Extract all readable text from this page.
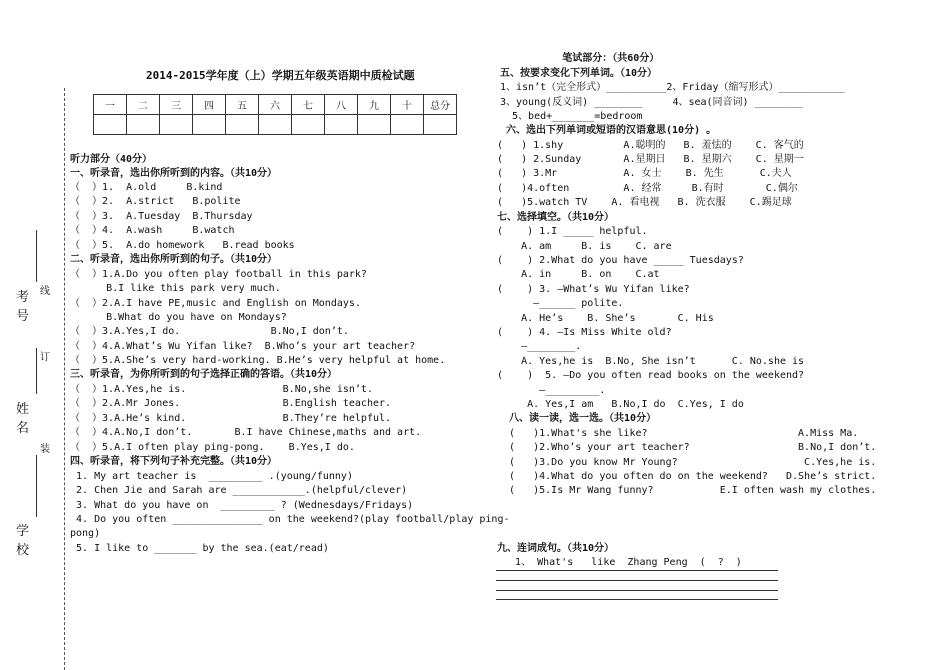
2014-2015学年度（上）学期五年级英语期中质检试题
一	二	三	四	五	六	七	八	九	十	总分

学校
姓名
考号
线
订
装
听力部分（40分）
一、听录音，选出你所听到的内容。（共10分）
（  ）1.  A.old     B.kind
（  ）2.  A.strict   B.polite
（  ）3.  A.Tuesday  B.Thursday
（  ）4.  A.wash     B.watch
（  ）5.  A.do homework   B.read books
二、听录音，选出你所听到的句子。（共10分）
（  ）1.A.Do you often play football in this park?
B.I like this park very much.
（  ）2.A.I have PE,music and English on Mondays.
B.What do you have on Mondays?
（  ）3.A.Yes,I do.               B.No,I don’t.
（  ）4.A.What’s Wu Yifan like?  B.Who’s your art teacher?
（  ）5.A.She’s very hard-working. B.He’s very helpful at home.
三、听录音，为你所听到的句子选择正确的答语。（共10分）
（  ）1.A.Yes,he is.                B.No,she isn’t.
（  ）2.A.Mr Jones.                 B.English teacher.
（  ）3.A.He’s kind.                B.They’re helpful.
（  ）4.A.No,I don’t.       B.I have Chinese,maths and art.
（  ）5.A.I often play ping-pong.    B.Yes,I do.
四、听录音，将下列句子补充完整。（共10分）
1. My art teacher is  _________ .(young/funny)
2. Chen Jie and Sarah are ____________.(helpful/clever)
3. What do you have on  _________ ? (Wednesdays/Fridays)
4. Do you often _______________ on the weekend?(play football/play ping-
pong)
5. I like to _______ by the sea.(eat/read)
笔试部分：（共60分）
五、按要求变化下列单词。（10分）
1、isn’t（完全形式）__________2、Friday（缩写形式）___________
3、young(反义词) ________     4、sea(同音词) ________
5、bed+_______=bedroom
六、选出下列单词或短语的汉语意思(10分) 。
(   ) 1.shy          A.聪明的   B. 羞怯的    C. 客气的
(   ) 2.Sunday       A.星期日   B. 星期六    C. 星期一
(   ) 3.Mr           A. 女士    B. 先生      C.夫人
(   )4.often         A. 经常     B.有时       C.偶尔
(   )5.watch TV    A. 看电视   B. 洗衣服    C.踢足球
七、选择填空。（共10分）
(    ) 1.I _____ helpful.
A. am     B. is    C. are
(    ) 2.What do you have _____ Tuesdays?
A. in     B. on    C.at
(    ) 3. —What’s Wu Yifan like?
—______ polite.
A. He’s    B. She’s       C. His
(    ) 4. —Is Miss White old?
—________.
A. Yes,he is  B.No, She isn’t      C. No.she is
(    )  5. —Do you often read books on the weekend?
—_________.
A. Yes,I am   B.No,I do  C.Yes, I do
八、读一读，选一选。（共10分）
(   )1.What's she like?                         A.Miss Ma.
(   )2.Who’s your art teacher?                  B.No,I don’t.
(   )3.Do you know Mr Young?                     C.Yes,he is.
(   )4.What do you often do on the weekend?   D.She’s strict.
(   )5.Is Mr Wang funny?           E.I often wash my clothes.
九、连词成句。（共10分）
1、 What's   like  Zhang Peng  (  ?  )
